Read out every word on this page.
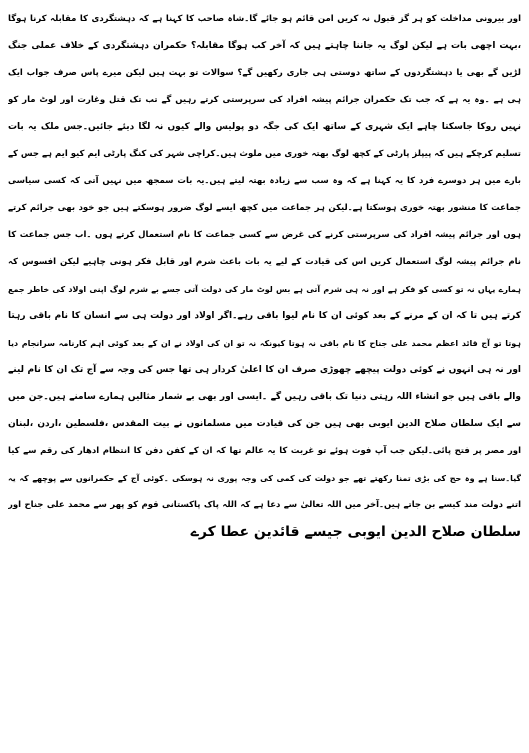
اور بیرونی مداخلت کو ہر گز قبول نہ کریں امن قائم ہو جائے گا۔شاہ صاحب کا کہنا ہے کہ دہشتگردی کا مقابلہ کرنا ہوگا
،بہت اچھی بات ہے لیکن لوگ یہ جاننا چاہتے ہیں کہ آخر کب ہوگا مقابلہ؟ حکمران دہشتگردی کے خلاف عملی جنگ
لڑیں گے بھی یا دہشتگردوں کے ساتھ دوستی ہی جاری رکھیں گے؟ سوالات تو بہت ہیں لیکن میرے پاس صرف جواب ایک
ہی ہے ۔وہ یہ ہے کہ جب تک حکمران جرائم پیشہ افراد کی سرپرستی کرتے رہیں گے تب تک قتل وغارت اور لوٹ مار کو
نہیں روکا جاسکتا چاہے ایک شہری کے ساتھ ایک کی جگہ دو پولیس والے کیوں نہ لگا دیئے جائیں۔جس ملک یہ بات
تسلیم کرچکے ہیں کہ پیپلز پارٹی کے کچھ لوگ بھتہ خوری میں ملوث ہیں۔کراچی شہر کی کنگ پارٹی ایم کیو ایم ہے جس کے
بارے میں ہر دوسرے فرد کا یہ کہنا ہے کہ وہ سب سے زیادہ بھتہ لیتے ہیں۔یہ بات سمجھ میں نہیں آتی کہ کسی سیاسی
جماعت کا منشور بھتہ خوری ہوسکتا ہے۔لیکن ہر جماعت میں کچھ ایسے لوگ ضرور ہوسکتے ہیں جو خود بھی جرائم کرتے
ہوں اور جرائم پیشہ افراد کی سرپرستی کرنے کی غرض سے کسی جماعت کا نام استعمال کرتے ہوں ۔اب جس جماعت کا
نام جرائم پیشہ لوگ استعمال کریں اس کی قیادت کے لیے یہ بات باعث شرم اور قابل فکر ہونی چاہیے لیکن افسوس کہ
ہمارے یہاں نہ تو کسی کو فکر ہے اور نہ ہی شرم آتی ہے بس لوٹ مار کی دولت آتی جسے بے شرم لوگ اپنی اولاد کی خاطر جمع
کرتے ہیں تا کہ ان کے مرنے کے بعد کوئی ان کا نام لیوا باقی رہے۔اگر اولاد اور دولت ہی سے انسان کا نام باقی رہتا
ہوتا تو آج قائد اعظم محمد علی جناح کا نام باقی نہ ہوتا کیونکہ نہ تو ان کی اولاد نے ان کے بعد کوئی اہم کارنامہ سرانجام دیا
اور نہ ہی انہوں نے کوئی دولت پیچھے چھوڑی صرف ان کا اعلیٰ کردار ہی تھا جس کی وجہ سے آج تک ان کا نام لینے
والے باقی ہیں جو انشاء اللہ رہتی دنیا تک باقی رہیں گے ۔ایسی اور بھی بے شمار مثالیں ہمارے سامنے ہیں۔جن میں
سے ایک سلطان صلاح الدین ایوبی بھی ہیں جن کی قیادت میں مسلمانوں نے بیت المقدس ،فلسطین ،اردن ،لبنان
اور مصر پر فتح پائی۔لیکن جب آپ فوت ہوئے تو غربت کا یہ عالم تھا کہ ان کے کفن دفن کا انتظام ادھار کی رقم سے کیا
گیا۔سنا ہے وہ حج کی بڑی تمنا رکھتے تھے جو دولت کی کمی کی وجہ پوری نہ ہوسکی ۔کوئی آج کے حکمرانوں سے پوچھے کہ یہ
اتنے دولت مند کیسے بن جاتے ہیں۔آخر میں اللہ تعالیٰ سے دعا ہے کہ اللہ پاک پاکستانی قوم کو پھر سے محمد علی جناح اور
سلطان صلاح الدین ایوبی جیسے قائدین عطا کرے
